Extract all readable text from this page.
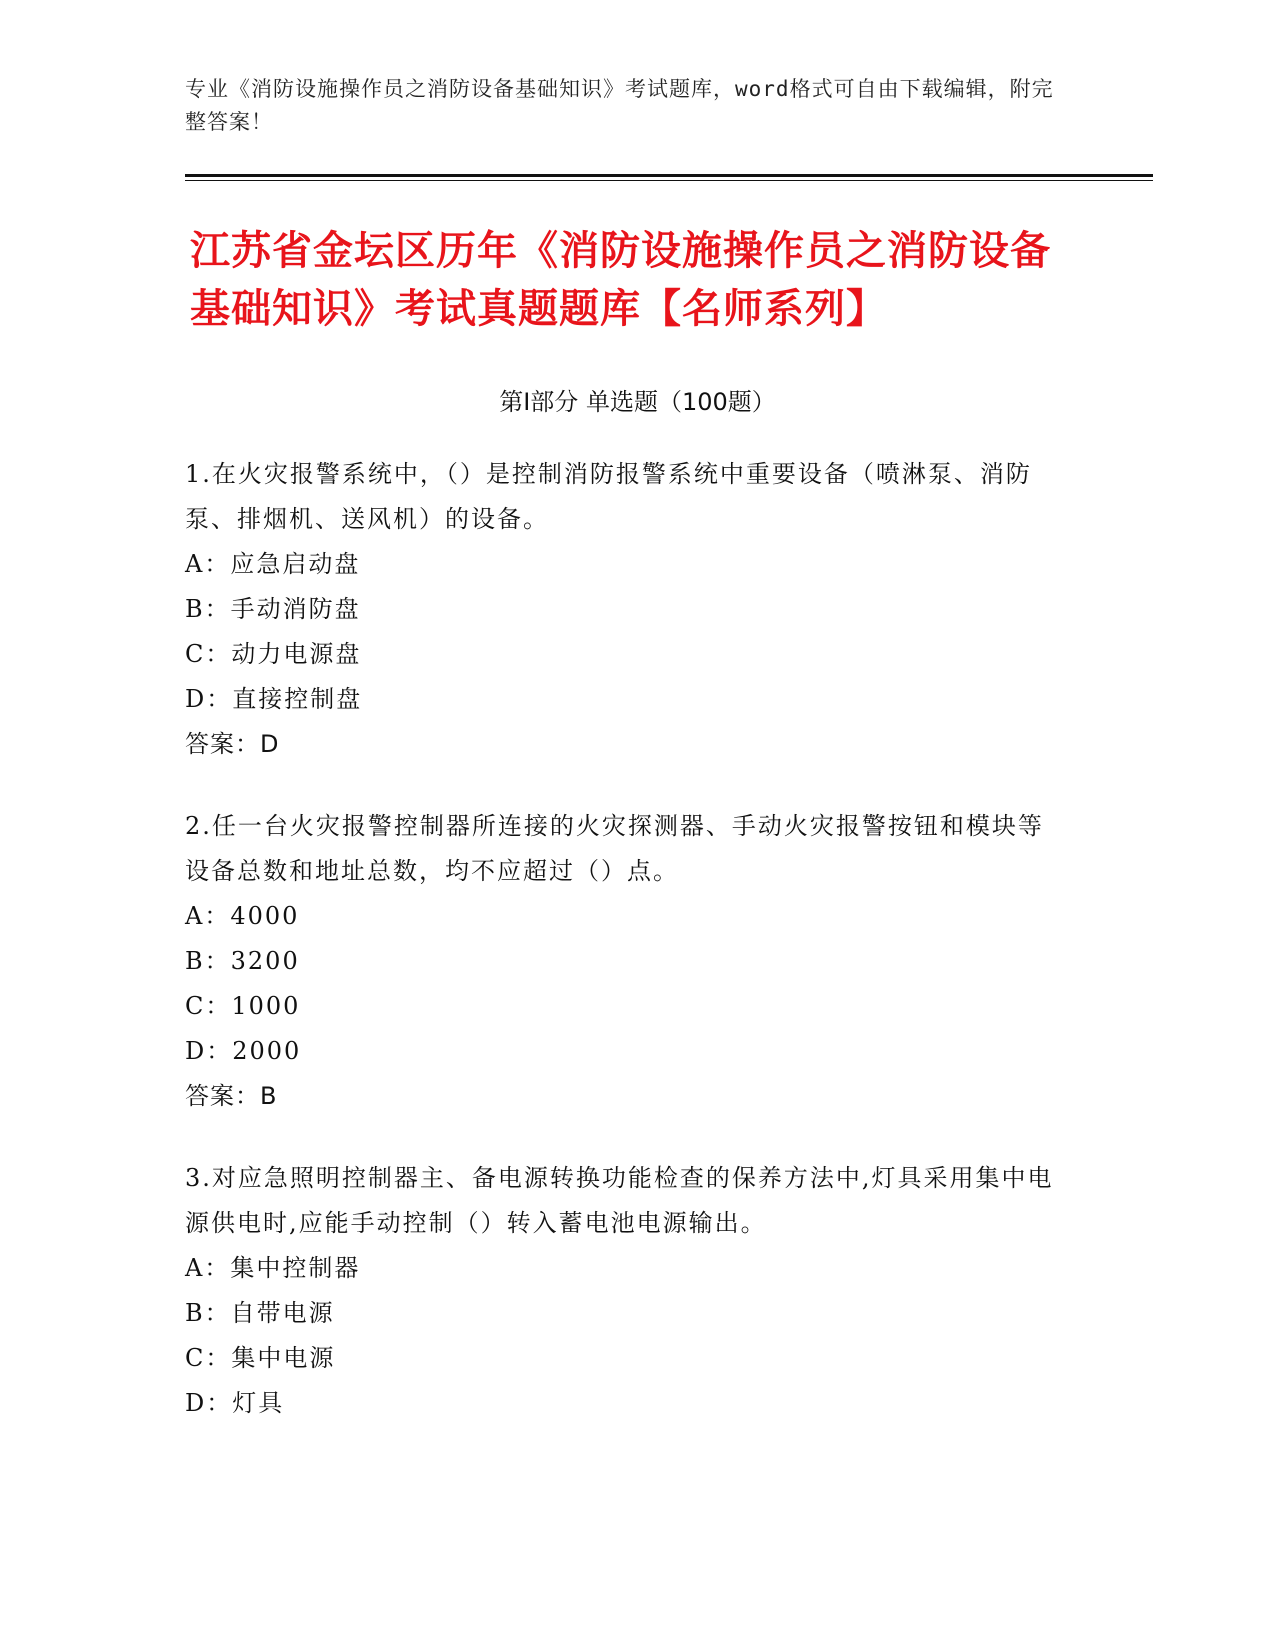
专业《消防设施操作员之消防设备基础知识》考试题库，word格式可自由下载编辑，附完整答案！
江苏省金坛区历年《消防设施操作员之消防设备基础知识》考试真题题库【名师系列】
第Ⅰ部分 单选题（100题）
1.在火灾报警系统中，（）是控制消防报警系统中重要设备（喷淋泵、消防泵、排烟机、送风机）的设备。
A：应急启动盘
B：手动消防盘
C：动力电源盘
D：直接控制盘
答案：D
2.任一台火灾报警控制器所连接的火灾探测器、手动火灾报警按钮和模块等设备总数和地址总数，均不应超过（）点。
A：4000
B：3200
C：1000
D：2000
答案：B
3.对应急照明控制器主、备电源转换功能检查的保养方法中,灯具采用集中电源供电时,应能手动控制（）转入蓄电池电源输出。
A：集中控制器
B：自带电源
C：集中电源
D：灯具
